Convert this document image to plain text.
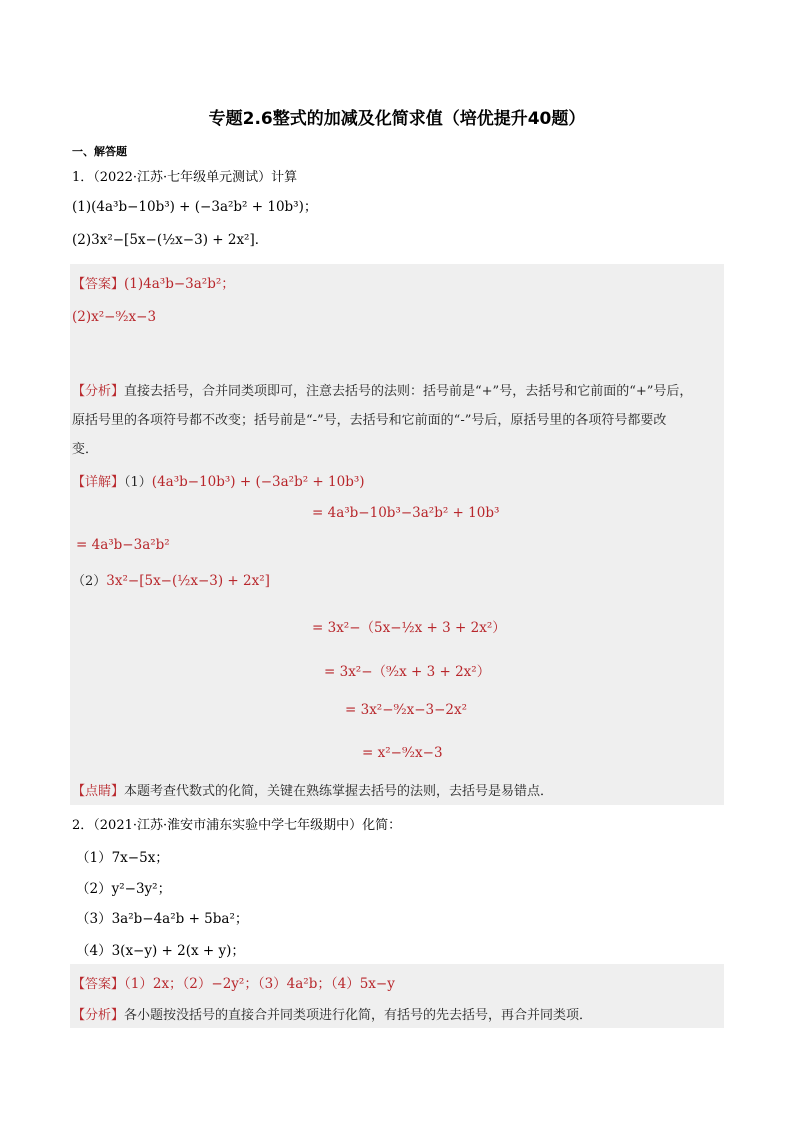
专题2.6整式的加减及化简求值（培优提升40题）
一、解答题
1．（2022·江苏·七年级单元测试）计算
(1)(4a³b−10b³) + (−3a²b² + 10b³)；
(2)3x²−[5x−(½x−3) + 2x²]．
【答案】(1)4a³b−3a²b²；
(2)x²−⁹⁄₂x−3
【分析】直接去括号，合并同类项即可，注意去括号的法则：括号前是“+”号，去括号和它前面的“+”号后，
原括号里的各项符号都不改变；括号前是“-”号，去括号和它前面的“-”号后，原括号里的各项符号都要改
变．
【详解】（1）(4a³b−10b³) + (−3a²b² + 10b³)
= 4a³b−10b³−3a²b² + 10b³
= 4a³b−3a²b²
（2）3x²−[5x−(½x−3) + 2x²]
= 3x²−（5x−½x + 3 + 2x²）
= 3x²−（⁹⁄₂x + 3 + 2x²）
= 3x²−⁹⁄₂x−3−2x²
= x²−⁹⁄₂x−3
【点睛】本题考查代数式的化简，关键在熟练掌握去括号的法则，去括号是易错点．
2．（2021·江苏·淮安市浦东实验中学七年级期中）化简：
（1）7x−5x；
（2）y²−3y²；
（3）3a²b−4a²b + 5ba²；
（4）3(x−y) + 2(x + y)；
【答案】（1）2x；（2）−2y²；（3）4a²b；（4）5x−y
【分析】各小题按没括号的直接合并同类项进行化简，有括号的先去括号，再合并同类项．
